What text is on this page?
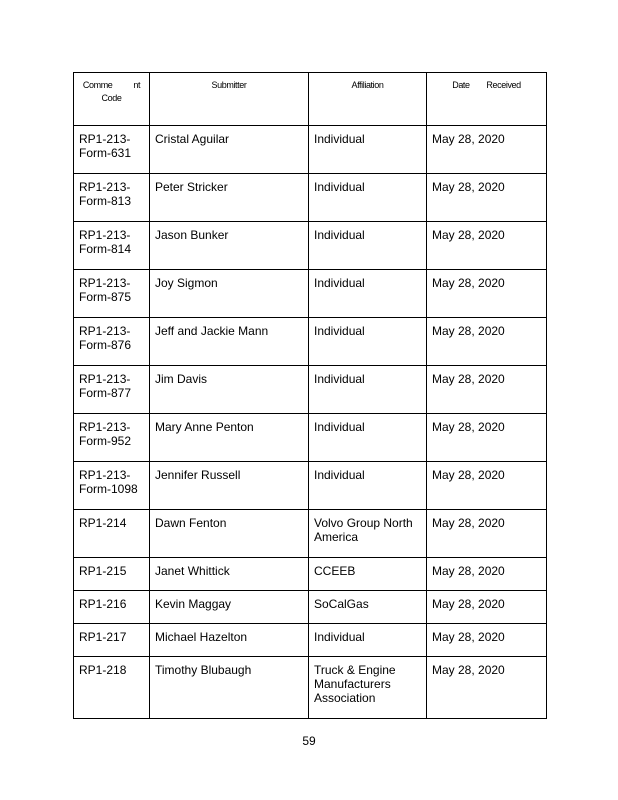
Comme          nt
Code	Submitter	Affiliation	Date        Received
RP1-213-Form-631	Cristal Aguilar	Individual	May 28, 2020
RP1-213-Form-813	Peter Stricker	Individual	May 28, 2020
RP1-213-Form-814	Jason Bunker	Individual	May 28, 2020
RP1-213-Form-875	Joy Sigmon	Individual	May 28, 2020
RP1-213-Form-876	Jeff and Jackie Mann	Individual	May 28, 2020
RP1-213-Form-877	Jim Davis	Individual	May 28, 2020
RP1-213-Form-952	Mary Anne Penton	Individual	May 28, 2020
RP1-213-Form-1098	Jennifer Russell	Individual	May 28, 2020
RP1-214	Dawn Fenton	Volvo Group North America	May 28, 2020
RP1-215	Janet Whittick	CCEEB	May 28, 2020
RP1-216	Kevin Maggay	SoCalGas	May 28, 2020
RP1-217	Michael Hazelton	Individual	May 28, 2020
RP1-218	Timothy Blubaugh	Truck & Engine Manufacturers Association	May 28, 2020
59
